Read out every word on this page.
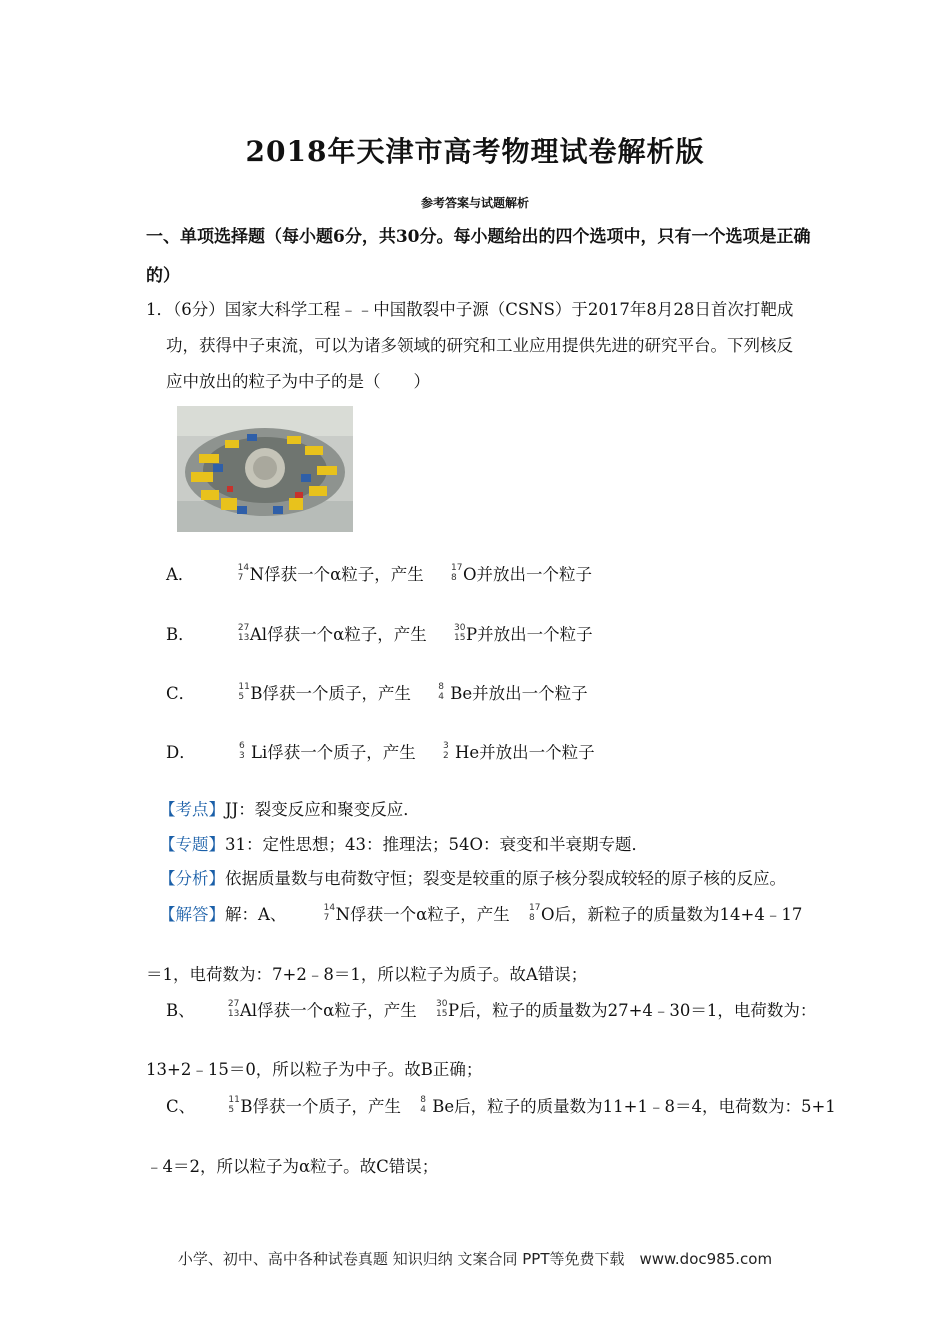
2018年天津市高考物理试卷解析版
参考答案与试题解析
一、单项选择题（每小题6分，共30分。每小题给出的四个选项中，只有一个选项是正确
的）
1．（6分）国家大科学工程﹣﹣中国散裂中子源（CSNS）于2017年8月28日首次打靶成
功，获得中子束流，可以为诸多领域的研究和工业应用提供先进的研究平台。下列核反
应中放出的粒子为中子的是（　　）
A．	14
7 N俘获一个α粒子，产生	17
8 O并放出一个粒子
B．	27
13 Al俘获一个α粒子，产生	30
15 P并放出一个粒子
C．	11
5 B俘获一个质子，产生	8
4 Be并放出一个粒子
D．	6
3 Li俘获一个质子，产生	3
2 He并放出一个粒子
【考点】JJ：裂变反应和聚变反应．
【专题】31：定性思想；43：推理法；54O：衰变和半衰期专题．
【分析】依据质量数与电荷数守恒；裂变是较重的原子核分裂成较轻的原子核的反应。
【解答】解：A、	14
7 N俘获一个α粒子，产生 17
8 O后，新粒子的质量数为14+4﹣17
＝1，电荷数为：7+2﹣8＝1，所以粒子为质子。故A错误；
B、	27
13 Al俘获一个α粒子，产生 30
15 P后，粒子的质量数为27+4﹣30＝1，电荷数为：
13+2﹣15＝0，所以粒子为中子。故B正确；
C、	11
5 B俘获一个质子，产生 8
4 Be后，粒子的质量数为11+1﹣8＝4，电荷数为：5+1
﹣4＝2，所以粒子为α粒子。故C错误；
小学、初中、高中各种试卷真题 知识归纳 文案合同 PPT等免费下载　www.doc985.com
